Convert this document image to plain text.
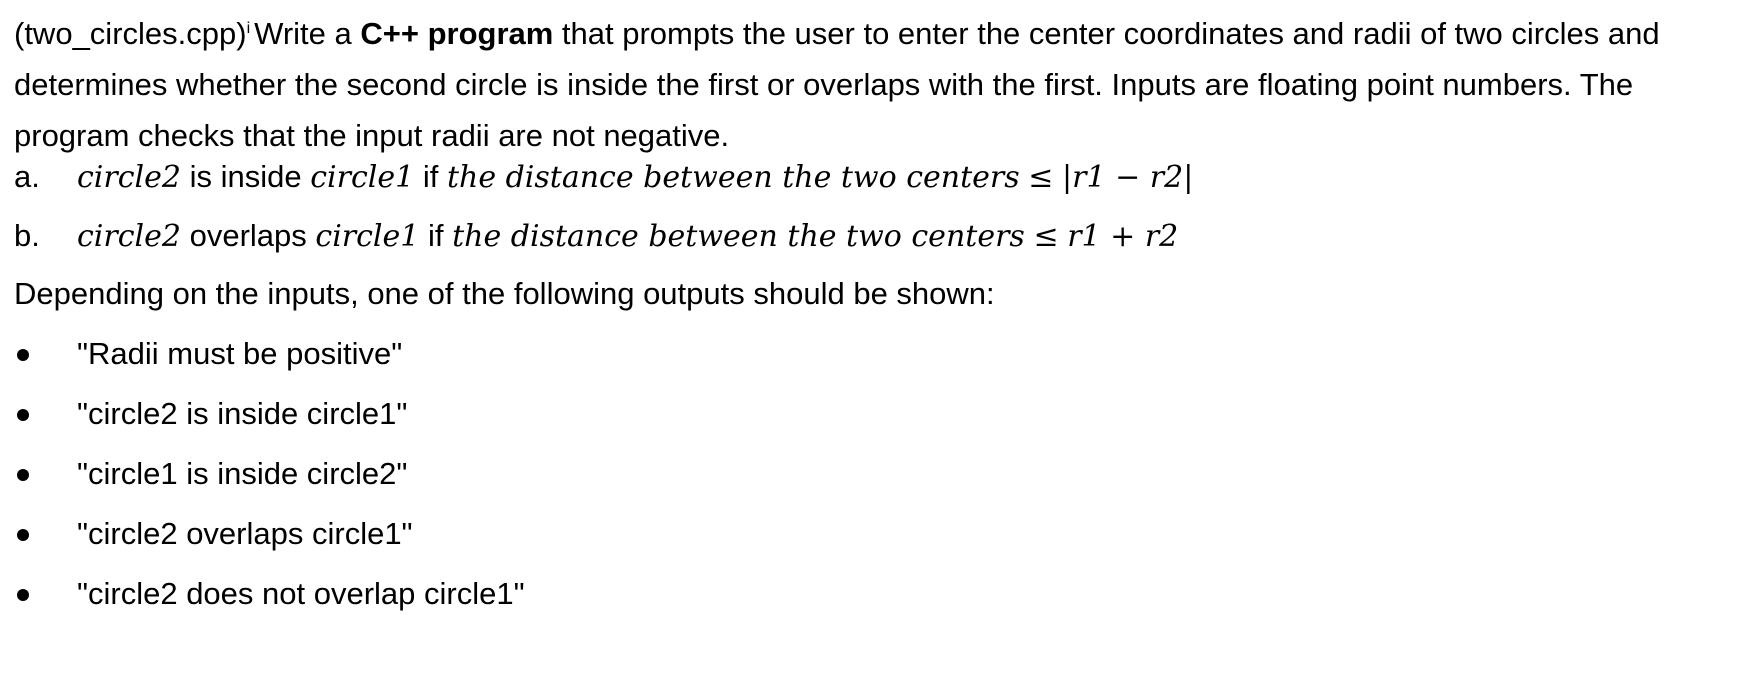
(two_circles.cpp)$^i$ Write a C++ program that prompts the user to enter the center coordinates and radii of two circles and determines whether the second circle is inside the first or overlaps with the first. Inputs are floating point numbers. The program checks that the input radii are not negative.

a. circle2 is inside circle1 if the distance between the two centers ≤ |r1 − r2|
b. circle2 overlaps circle1 if the distance between the two centers ≤ r1 + r2
Depending on the inputs, one of the following outputs should be shown:
"Radii must be positive"
"circle2 is inside circle1"
"circle1 is inside circle2"
"circle2 overlaps circle1"
"circle2 does not overlap circle1"
